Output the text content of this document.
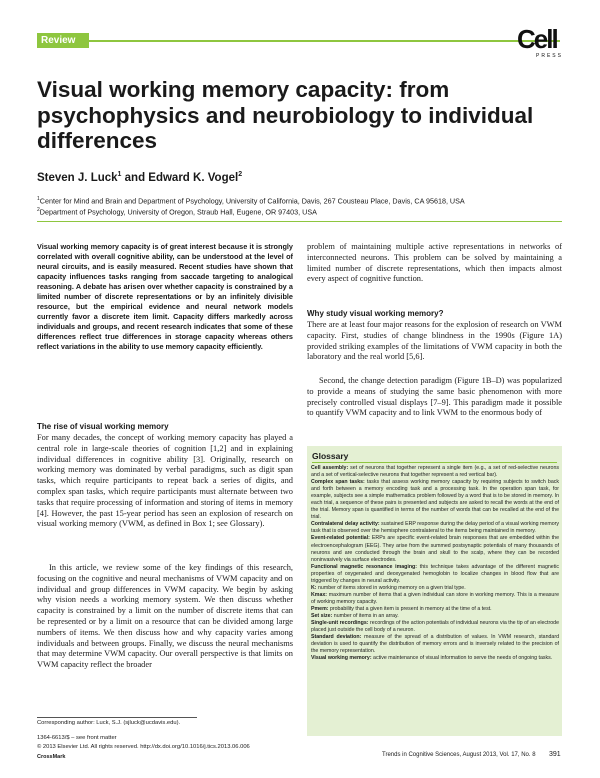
Review	Cell
PRESS
Visual working memory capacity: from psychophysics and neurobiology to individual differences
Steven J. Luck$^1$ and Edward K. Vogel$^2$
$^1$Center for Mind and Brain and Department of Psychology, University of California, Davis, 267 Cousteau Place, Davis, CA 95618, USA
$^2$Department of Psychology, University of Oregon, Straub Hall, Eugene, OR 97403, USA

Visual working memory capacity is of great interest because it is strongly correlated with overall cognitive ability, can be understood at the level of neural circuits, and is easily measured. Recent studies have shown that capacity influences tasks ranging from saccade targeting to analogical reasoning. A debate has arisen over whether capacity is constrained by a limited number of discrete representations or by an infinitely divisible resource, but the empirical evidence and neural network models currently favor a discrete item limit. Capacity differs markedly across individuals and groups, and recent research indicates that some of these differences reflect true differences in storage capacity whereas others reflect variations in the ability to use memory capacity efficiently.

The rise of visual working memory

For many decades, the concept of working memory capacity has played a central role in large-scale theories of cognition [1,2] and in explaining individual differences in cognitive ability [3]. Originally, research on working memory was dominated by verbal paradigms, such as digit span tasks, which require participants to repeat back a series of digits, and complex span tasks, which require participants must alternate between two tasks that require processing of information and storing of items in memory [4]. However, the past 15-year period has seen an explosion of research on visual working memory (VWM, as defined in Box 1; see Glossary).

In this article, we review some of the key findings of this research, focusing on the cognitive and neural mechanisms of VWM capacity and on individual and group differences in VWM capacity. We begin by asking why vision needs a working memory system. We then discuss whether capacity is constrained by a limit on the number of discrete items that can be represented or by a limit on a resource that can be divided among large numbers of items. We then discuss how and why capacity varies among individuals and between groups. Finally, we discuss the neural mechanisms that may determine VWM capacity. Our overall perspective is that limits on VWM capacity reflect the broader

problem of maintaining multiple active representations in networks of interconnected neurons. This problem can be solved by maintaining a limited number of discrete representations, which then impacts almost every aspect of cognitive function.

Why study visual working memory?

There are at least four major reasons for the explosion of research on VWM capacity. First, studies of change blindness in the 1990s (Figure 1A) provided striking examples of the limitations of VWM capacity in both the laboratory and the real world [5,6].

Second, the change detection paradigm (Figure 1B–D) was popularized to provide a means of studying the same basic phenomenon with more precisely controlled visual displays [7–9]. This paradigm made it possible to quantify VWM capacity and to link VWM to the enormous body of

Glossary

Cell assembly: set of neurons that together represent a single item (e.g., a set of red-selective neurons and a set of vertical-selective neurons that together represent a red vertical bar).

Complex span tasks: tasks that assess working memory capacity by requiring subjects to switch back and forth between a memory encoding task and a processing task. In the operation span task, for example, subjects see a simple mathematics problem followed by a word that is to be stored in memory. In each trial, a sequence of these pairs is presented and subjects are asked to recall the words at the end of the trial. Memory span is quantified in terms of the number of words that can be recalled at the end of the trial.

Contralateral delay activity: sustained ERP response during the delay period of a visual working memory task that is observed over the hemisphere contralateral to the items being maintained in memory.

Event-related potential: ERPs are specific event-related brain responses that are embedded within the electroencephalogram (EEG). They arise from the summed postsynaptic potentials of many thousands of neurons and are conducted through the brain and skull to the scalp, where they can be recorded noninvasively via surface electrodes.

Functional magnetic resonance imaging: this technique takes advantage of the different magnetic properties of oxygenated and deoxygenated hemoglobin to localize changes in blood flow that are triggered by changes in neural activity.

K: number of items stored in working memory on a given trial type.

Kmax: maximum number of items that a given individual can store in working memory. This is a measure of working memory capacity.

Pmem: probability that a given item is present in memory at the time of a test.

Set size: number of items in an array.

Single-unit recordings: recordings of the action potentials of individual neurons via the tip of an electrode placed just outside the cell body of a neuron.

Standard deviation: measure of the spread of a distribution of values. In VWM research, standard deviation is used to quantify the distribution of memory errors and is inversely related to the precision of the memory representation.

Visual working memory: active maintenance of visual information to serve the needs of ongoing tasks.

Corresponding author: Luck, S.J. (sjluck@ucdavis.edu).
1364-6613/$ – see front matter
© 2013 Elsevier Ltd. All rights reserved. http://dx.doi.org/10.1016/j.tics.2013.06.006
CrossMark	Trends in Cognitive Sciences, August 2013, Vol. 17, No. 8 391
